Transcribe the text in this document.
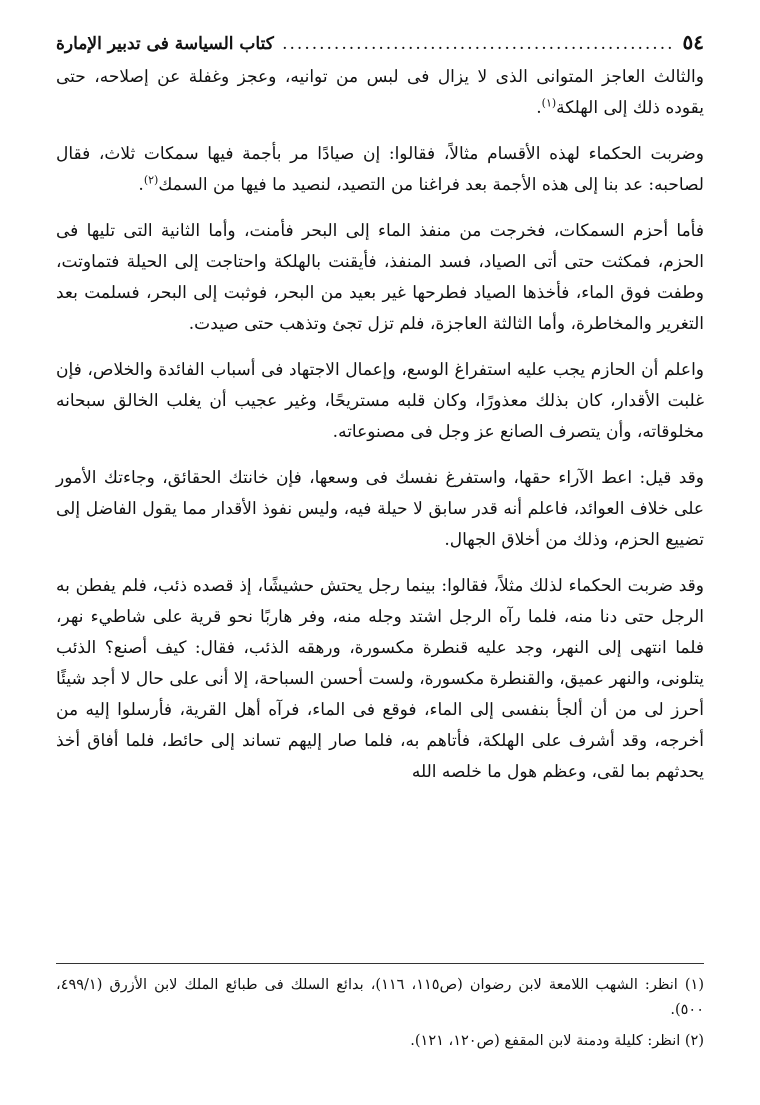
٥٤
.....
كتاب السياسة فى تدبير الإمارة

والثالث العاجز المتوانى الذى لا يزال فى لبس من توانيه، وعجز وغفلة عن إصلاحه، حتى يقوده ذلك إلى الهلكة$^{(١)}$.

وضربت الحكماء لهذه الأقسام مثالاً، فقالوا: إن صيادًا مر بأجمة فيها سمكات ثلاث، فقال لصاحبه: عد بنا إلى هذه الأجمة بعد فراغنا من التصيد، لنصيد ما فيها من السمك$^{(٢)}$.

فأما أحزم السمكات، فخرجت من منفذ الماء إلى البحر فأمنت، وأما الثانية التى تليها فى الحزم، فمكثت حتى أتى الصياد، فسد المنفذ، فأيقنت بالهلكة واحتاجت إلى الحيلة فتماوتت، وطفت فوق الماء، فأخذها الصياد فطرحها غير بعيد من البحر، فوثبت إلى البحر، فسلمت بعد التغرير والمخاطرة، وأما الثالثة العاجزة، فلم تزل تجئ وتذهب حتى صيدت.

واعلم أن الحازم يجب عليه استفراغ الوسع، وإعمال الاجتهاد فى أسباب الفائدة والخلاص، فإن غلبت الأقدار، كان بذلك معذورًا، وكان قلبه مستريحًا، وغير عجيب أن يغلب الخالق سبحانه مخلوقاته، وأن يتصرف الصانع عز وجل فى مصنوعاته.

وقد قيل: اعط الآراء حقها، واستفرغ نفسك فى وسعها، فإن خانتك الحقائق، وجاءتك الأمور على خلاف العوائد، فاعلم أنه قدر سابق لا حيلة فيه، وليس نفوذ الأقدار مما يقول الفاضل إلى تضييع الحزم، وذلك من أخلاق الجهال.

وقد ضربت الحكماء لذلك مثلاً، فقالوا: بينما رجل يحتش حشيشًا، إذ قصده ذئب، فلم يفطن به الرجل حتى دنا منه، فلما رآه الرجل اشتد وجله منه، وفر هاربًا نحو قرية على شاطيء نهر، فلما انتهى إلى النهر، وجد عليه قنطرة مكسورة، ورهقه الذئب، فقال: كيف أصنع؟ الذئب يتلونى، والنهر عميق، والقنطرة مكسورة، ولست أحسن السباحة، إلا أنى على حال لا أجد شيئًا أحرز لى من أن ألجأ بنفسى إلى الماء، فوقع فى الماء، فرآه أهل القرية، فأرسلوا إليه من أخرجه، وقد أشرف على الهلكة، فأتاهم به، فلما صار إليهم تساند إلى حائط، فلما أفاق أخذ يحدثهم بما لقى، وعظم هول ما خلصه الله

(١) انظر: الشهب اللامعة لابن رضوان (ص١١٥، ١١٦)، بدائع السلك فى طبائع الملك لابن الأزرق (٤٩٩/١، ٥٠٠).

(٢) انظر: كليلة ودمنة لابن المقفع (ص١٢٠، ١٢١).
